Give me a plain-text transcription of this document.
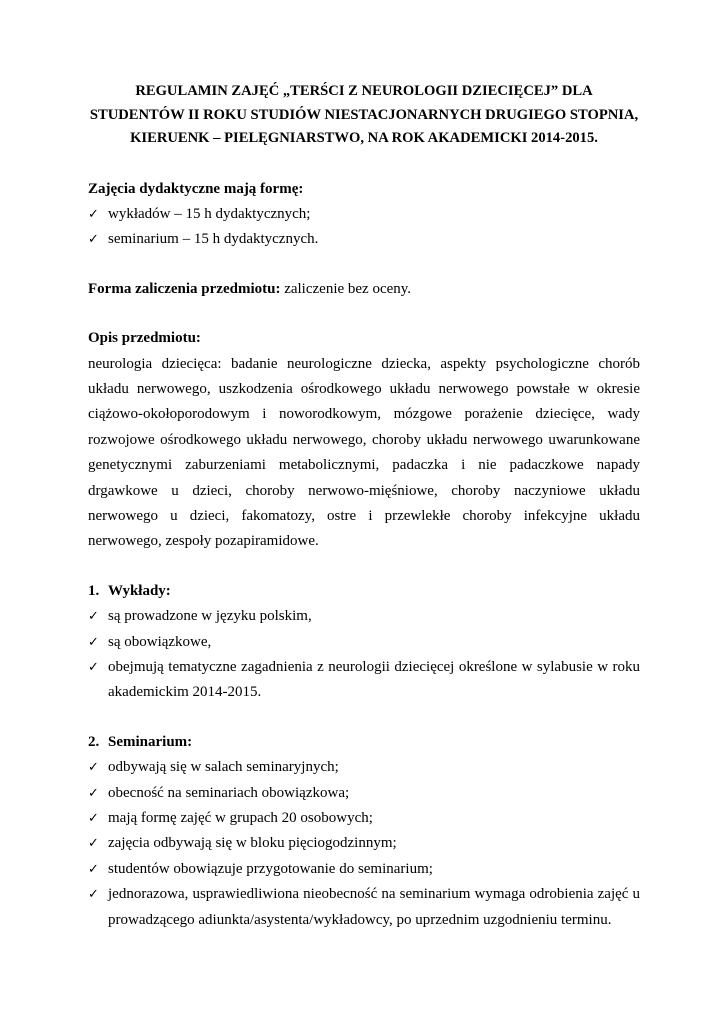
REGULAMIN ZAJĘĆ „TERŚCI Z NEUROLOGII DZIECIĘCEJ” DLA
STUDENTÓW II ROKU STUDIÓW NIESTACJONARNYCH DRUGIEGO STOPNIA,
KIERUENK – PIELĘGNIARSTWO, NA ROK AKADEMICKI 2014-2015.
Zajęcia dydaktyczne mają formę:
✓ wykładów – 15 h dydaktycznych;
✓ seminarium – 15 h dydaktycznych.
Forma zaliczenia przedmiotu: zaliczenie bez oceny.
Opis przedmiotu:
neurologia dziecięca: badanie neurologiczne dziecka, aspekty psychologiczne chorób układu nerwowego, uszkodzenia ośrodkowego układu nerwowego powstałe w okresie ciążowo-okołoporodowym i noworodkowym, mózgowe porażenie dziecięce, wady rozwojowe ośrodkowego układu nerwowego, choroby układu nerwowego uwarunkowane genetycznymi zaburzeniami metabolicznymi, padaczka i nie padaczkowe napady drgawkowe u dzieci, choroby nerwowo-mięśniowe, choroby naczyniowe układu nerwowego u dzieci, fakomatozy, ostre i przewlekłe choroby infekcyjne układu nerwowego, zespoły pozapiramidowe.
1. Wykłady:
✓ są prowadzone w języku polskim,
✓ są obowiązkowe,
✓ obejmują tematyczne zagadnienia z neurologii dziecięcej określone w sylabusie w roku akademickim 2014-2015.
2. Seminarium:
✓ odbywają się w salach seminaryjnych;
✓ obecność na seminariach obowiązkowa;
✓ mają formę zajęć w grupach 20 osobowych;
✓ zajęcia odbywają się w bloku pięciogodzinnym;
✓ studentów obowiązuje przygotowanie do seminarium;
✓ jednorazowa, usprawiedliwiona nieobecność na seminarium wymaga odrobienia zajęć u prowadzącego adiunkta/asystenta/wykładowcy, po uprzednim uzgodnieniu terminu.
